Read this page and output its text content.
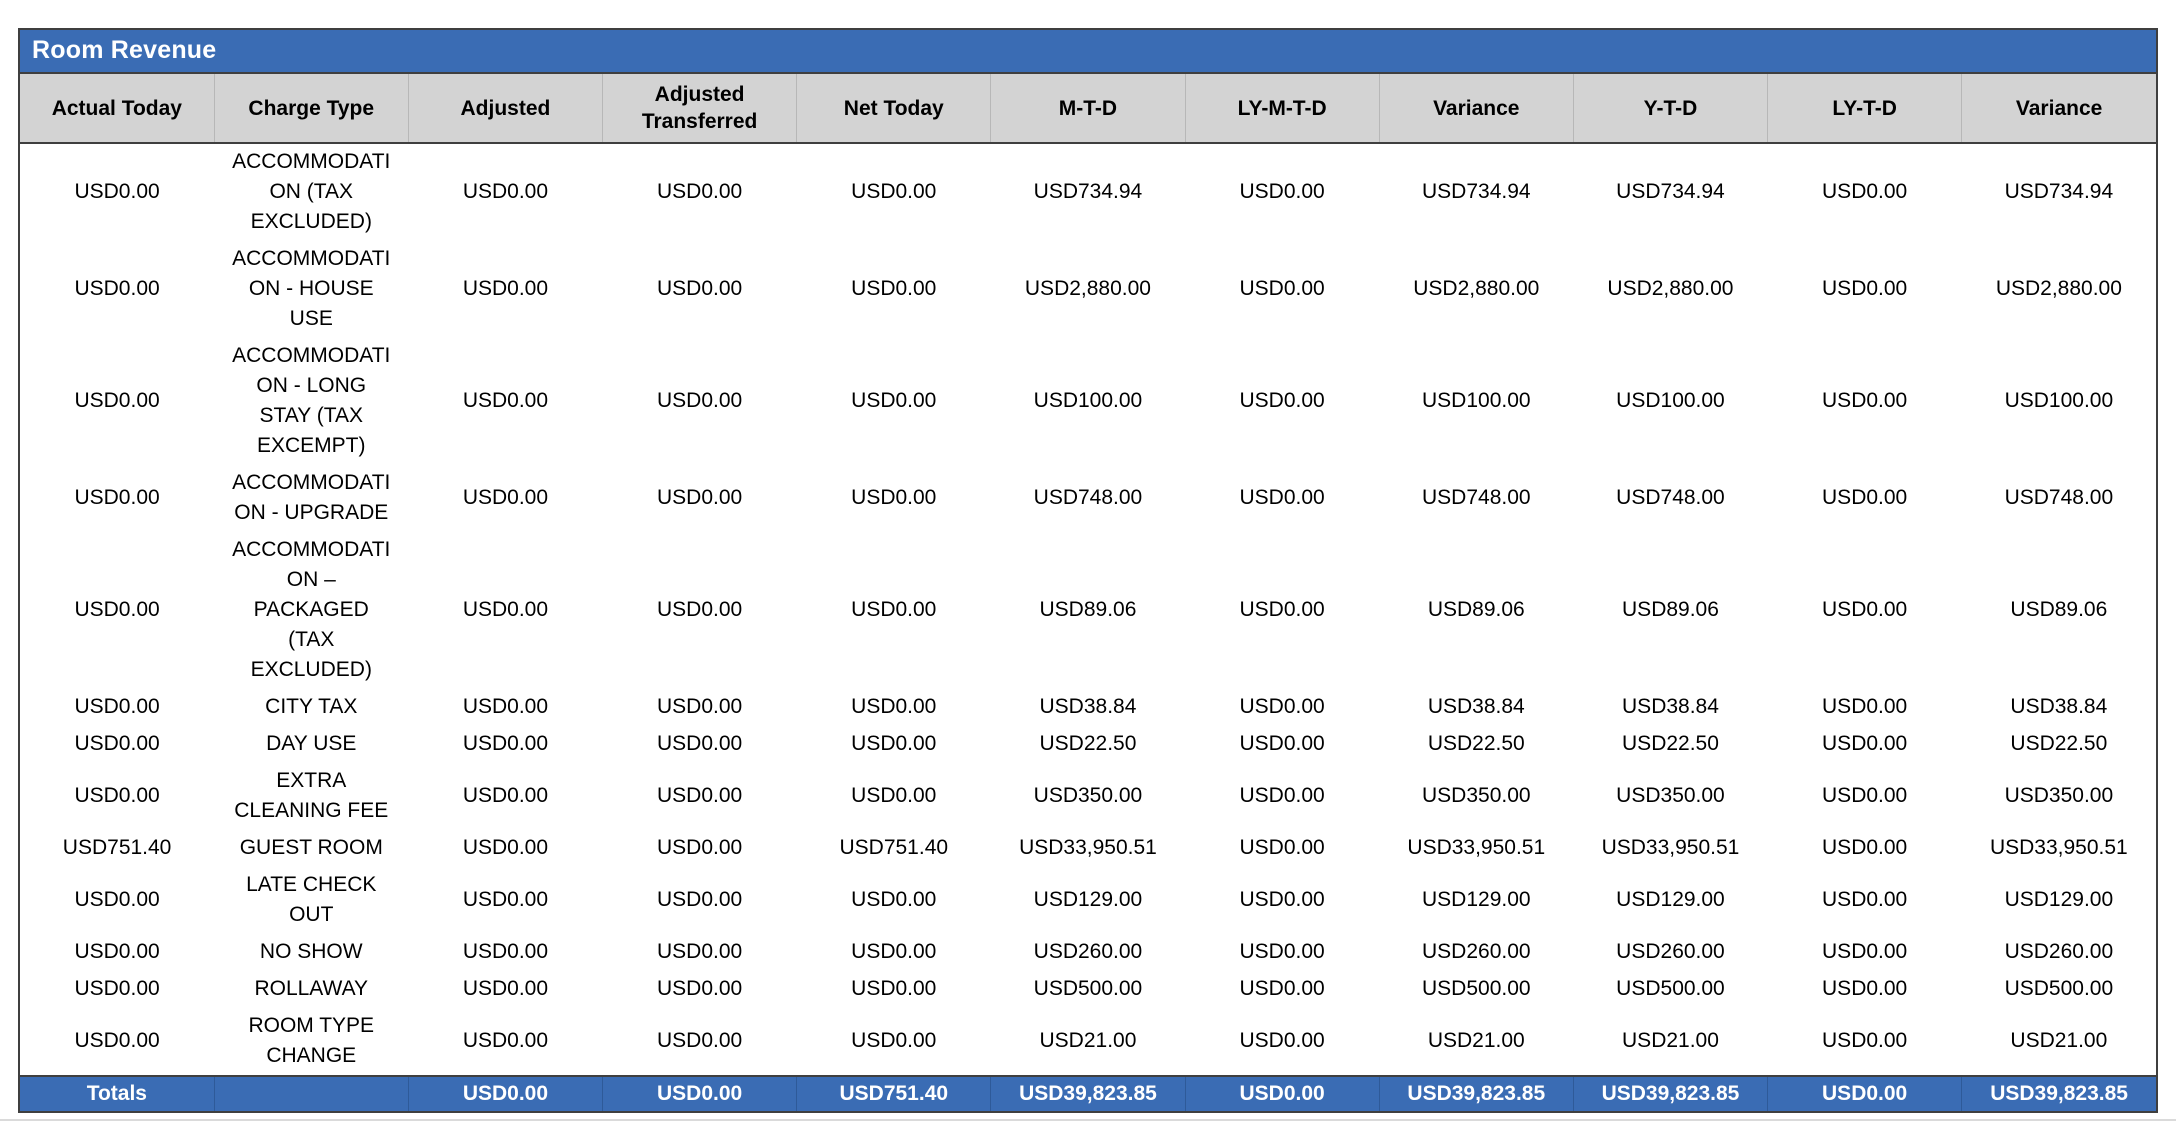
Room Revenue
Actual Today	Charge Type	Adjusted	Adjusted Transferred	Net Today	M-T-D	LY-M-T-D	Variance	Y-T-D	LY-T-D	Variance
USD0.00	ACCOMMODATION (TAX EXCLUDED)	USD0.00	USD0.00	USD0.00	USD734.94	USD0.00	USD734.94	USD734.94	USD0.00	USD734.94
USD0.00	ACCOMMODATION - HOUSE USE	USD0.00	USD0.00	USD0.00	USD2,880.00	USD0.00	USD2,880.00	USD2,880.00	USD0.00	USD2,880.00
USD0.00	ACCOMMODATION - LONG STAY (TAX EXCEMPT)	USD0.00	USD0.00	USD0.00	USD100.00	USD0.00	USD100.00	USD100.00	USD0.00	USD100.00
USD0.00	ACCOMMODATION - UPGRADE	USD0.00	USD0.00	USD0.00	USD748.00	USD0.00	USD748.00	USD748.00	USD0.00	USD748.00
USD0.00	ACCOMMODATION – PACKAGED (TAX EXCLUDED)	USD0.00	USD0.00	USD0.00	USD89.06	USD0.00	USD89.06	USD89.06	USD0.00	USD89.06
USD0.00	CITY TAX	USD0.00	USD0.00	USD0.00	USD38.84	USD0.00	USD38.84	USD38.84	USD0.00	USD38.84
USD0.00	DAY USE	USD0.00	USD0.00	USD0.00	USD22.50	USD0.00	USD22.50	USD22.50	USD0.00	USD22.50
USD0.00	EXTRA CLEANING FEE	USD0.00	USD0.00	USD0.00	USD350.00	USD0.00	USD350.00	USD350.00	USD0.00	USD350.00
USD751.40	GUEST ROOM	USD0.00	USD0.00	USD751.40	USD33,950.51	USD0.00	USD33,950.51	USD33,950.51	USD0.00	USD33,950.51
USD0.00	LATE CHECK OUT	USD0.00	USD0.00	USD0.00	USD129.00	USD0.00	USD129.00	USD129.00	USD0.00	USD129.00
USD0.00	NO SHOW	USD0.00	USD0.00	USD0.00	USD260.00	USD0.00	USD260.00	USD260.00	USD0.00	USD260.00
USD0.00	ROLLAWAY	USD0.00	USD0.00	USD0.00	USD500.00	USD0.00	USD500.00	USD500.00	USD0.00	USD500.00
USD0.00	ROOM TYPE CHANGE	USD0.00	USD0.00	USD0.00	USD21.00	USD0.00	USD21.00	USD21.00	USD0.00	USD21.00
Totals		USD0.00	USD0.00	USD751.40	USD39,823.85	USD0.00	USD39,823.85	USD39,823.85	USD0.00	USD39,823.85
